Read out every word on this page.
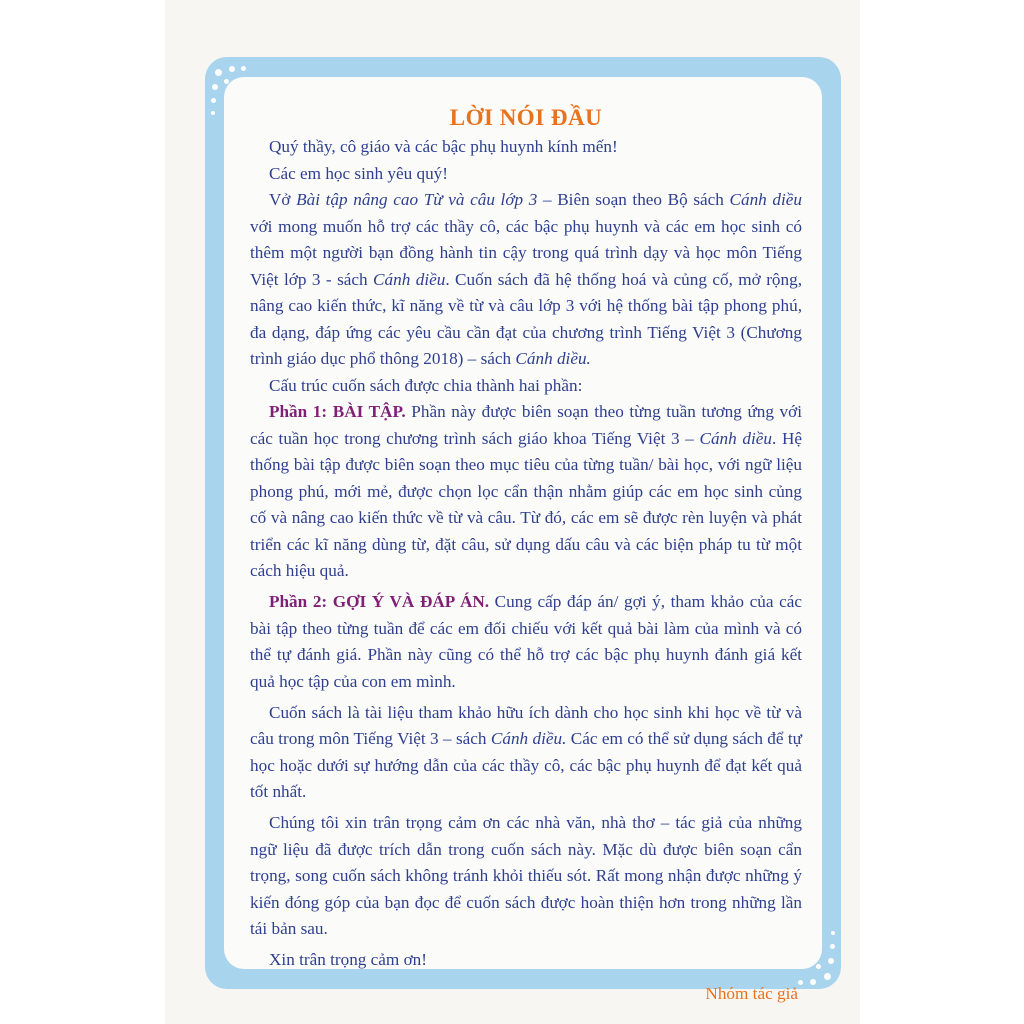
LỜI NÓI ĐẦU
Quý thầy, cô giáo và các bậc phụ huynh kính mến!
Các em học sinh yêu quý!
Vở Bài tập nâng cao Từ và câu lớp 3 – Biên soạn theo Bộ sách Cánh diều với mong muốn hỗ trợ các thầy cô, các bậc phụ huynh và các em học sinh có thêm một người bạn đồng hành tin cậy trong quá trình dạy và học môn Tiếng Việt lớp 3 - sách Cánh diều. Cuốn sách đã hệ thống hoá và củng cố, mở rộng, nâng cao kiến thức, kĩ năng về từ và câu lớp 3 với hệ thống bài tập phong phú, đa dạng, đáp ứng các yêu cầu cần đạt của chương trình Tiếng Việt 3 (Chương trình giáo dục phổ thông 2018) – sách Cánh diều.
Cấu trúc cuốn sách được chia thành hai phần:
Phần 1: BÀI TẬP. Phần này được biên soạn theo từng tuần tương ứng với các tuần học trong chương trình sách giáo khoa Tiếng Việt 3 – Cánh diều. Hệ thống bài tập được biên soạn theo mục tiêu của từng tuần/ bài học, với ngữ liệu phong phú, mới mẻ, được chọn lọc cẩn thận nhằm giúp các em học sinh củng cố và nâng cao kiến thức về từ và câu. Từ đó, các em sẽ được rèn luyện và phát triển các kĩ năng dùng từ, đặt câu, sử dụng dấu câu và các biện pháp tu từ một cách hiệu quả.
Phần 2: GỢI Ý VÀ ĐÁP ÁN. Cung cấp đáp án/ gợi ý, tham khảo của các bài tập theo từng tuần để các em đối chiếu với kết quả bài làm của mình và có thể tự đánh giá. Phần này cũng có thể hỗ trợ các bậc phụ huynh đánh giá kết quả học tập của con em mình.
Cuốn sách là tài liệu tham khảo hữu ích dành cho học sinh khi học về từ và câu trong môn Tiếng Việt 3 – sách Cánh diều. Các em có thể sử dụng sách để tự học hoặc dưới sự hướng dẫn của các thầy cô, các bậc phụ huynh để đạt kết quả tốt nhất.
Chúng tôi xin trân trọng cảm ơn các nhà văn, nhà thơ – tác giả của những ngữ liệu đã được trích dẫn trong cuốn sách này. Mặc dù được biên soạn cẩn trọng, song cuốn sách không tránh khỏi thiếu sót. Rất mong nhận được những ý kiến đóng góp của bạn đọc để cuốn sách được hoàn thiện hơn trong những lần tái bản sau.
Xin trân trọng cảm ơn!
Nhóm tác giả
